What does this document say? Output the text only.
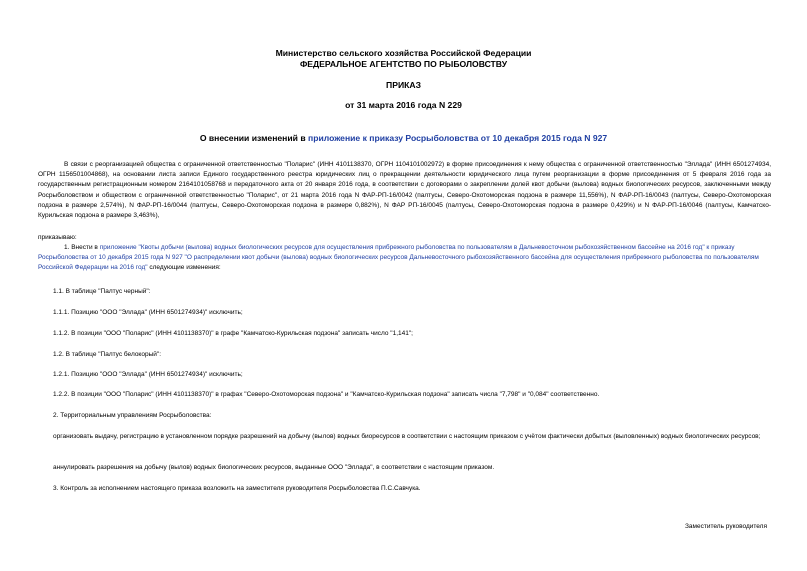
Министерство сельского хозяйства Российской Федерации
ФЕДЕРАЛЬНОЕ АГЕНТСТВО ПО РЫБОЛОВСТВУ
ПРИКАЗ
от 31 марта 2016 года N 229
О внесении изменений в приложение к приказу Росрыболовства от 10 декабря 2015 года N 927
В связи с реорганизацией общества с ограниченной ответственностью "Поларис" (ИНН 4101138370, ОГРН 1104101002972) в форме присоединения к нему общества с ограниченной ответственностью "Эллада" (ИНН 6501274934, ОГРН 1156501004868), на основании листа записи Единого государственного реестра юридических лиц о прекращении деятельности юридического лица путем реорганизации в форме присоединения от 5 февраля 2016 года за государственным регистрационным номером 2164101058768 и передаточного акта от 20 января 2016 года, в соответствии с договорами о закреплении долей квот добычи (вылова) водных биологических ресурсов, заключенными между Росрыболовством и обществом с ограниченной ответственностью "Поларис", от 21 марта 2016 года N ФАР-РП-16/0042 (палтусы, Северо-Охотоморская подзона в размере 11,556%), N ФАР-РП-16/0043 (палтусы, Северо-Охотоморская подзона в размере 2,574%), N ФАР-РП-16/0044 (палтусы, Северо-Охотоморская подзона в размере 0,882%), N ФАР РП-16/0045 (палтусы, Северо-Охотоморская подзона в размере 0,429%) и N ФАР-РП-16/0046 (палтусы, Камчатско-Курильская подзона в размере 3,463%),
приказываю:
1. Внести в приложение "Квоты добычи (вылова) водных биологических ресурсов для осуществления прибрежного рыболовства по пользователям в Дальневосточном рыбохозяйственном бассейне на 2016 год" к приказу Росрыболовства от 10 декабря 2015 года N 927 "О распределении квот добычи (вылова) водных биологических ресурсов Дальневосточного рыбохозяйственного бассейна для осуществления прибрежного рыболовства по пользователям Российской Федерации на 2016 год" следующие изменения:
1.1. В таблице "Палтус черный":
1.1.1. Позицию "ООО "Эллада" (ИНН 6501274934)" исключить;
1.1.2. В позиции "ООО "Поларис" (ИНН 4101138370)" в графе "Камчатско-Курильская подзона" записать число "1,141";
1.2. В таблице "Палтус белокорый":
1.2.1. Позицию "ООО "Эллада" (ИНН 6501274934)" исключить;
1.2.2. В позиции "ООО "Поларис" (ИНН 4101138370)" в графах "Северо-Охотоморская подзона" и "Камчатско-Курильская подзона" записать числа "7,798" и "0,084" соответственно.
2. Территориальным управлениям Росрыболовства:
организовать выдачу, регистрацию в установленном порядке разрешений на добычу (вылов) водных биоресурсов в соответствии с настоящим приказом с учётом фактически добытых (выловленных) водных биологических ресурсов;
аннулировать разрешения на добычу (вылов) водных биологических ресурсов, выданные ООО "Эллада", в соответствии с настоящим приказом.
3. Контроль за исполнением настоящего приказа возложить на заместителя руководителя Росрыболовства П.С.Савчука.
Заместитель руководителя
